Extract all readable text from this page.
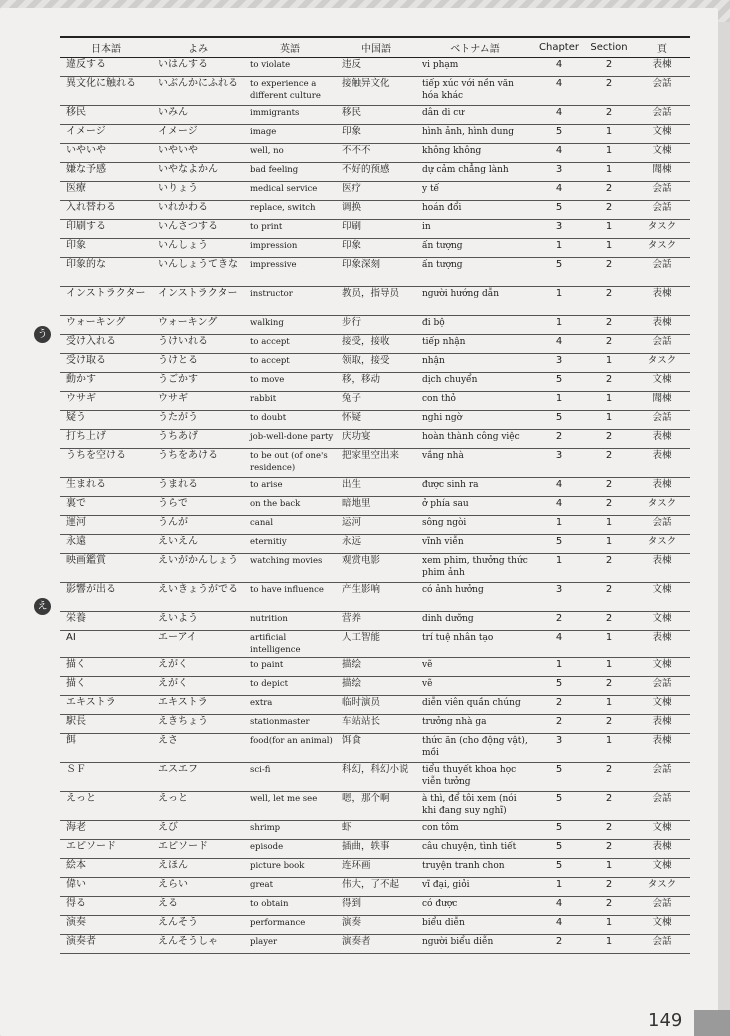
日本語	よみ	英語	中国語	ベトナム語	Chapter	Section	頁
違反する	いはんする	to violate	违反	vi phạm	4	2	表棟
異文化に触れる	いぶんかにふれる	to experience a different culture	接触异文化	tiếp xúc với nền văn hóa khác	4	2	会話
移民	いみん	immigrants	移民	dân di cư	4	2	会話
イメージ	イメージ	image	印象	hình ảnh, hình dung	5	1	文棟
いやいや	いやいや	well, no	不不不	không không	4	1	文棟
嫌な予感	いやなよかん	bad feeling	不好的预感	dự cảm chẳng lành	3	1	聞棟
医療	いりょう	medical service	医疗	y tế	4	2	会話
入れ替わる	いれかわる	replace, switch	调换	hoán đổi	5	2	会話
印刷する	いんさつする	to print	印刷	in	3	1	タスク
印象	いんしょう	impression	印象	ấn tượng	1	1	タスク
印象的な	いんしょうてきな	impressive	印象深刻	ấn tượng	5	2	会話
インストラクター	インストラクター	instructor	教员，指导员	người hướng dẫn	1	2	表棟
ウォーキング	ウォーキング	walking	步行	đi bộ	1	2	表棟
受け入れる	うけいれる	to accept	接受，接收	tiếp nhận	4	2	会話
受け取る	うけとる	to accept	领取，接受	nhận	3	1	タスク
動かす	うごかす	to move	移，移动	dịch chuyển	5	2	文棟
ウサギ	ウサギ	rabbit	兔子	con thỏ	1	1	聞棟
疑う	うたがう	to doubt	怀疑	nghi ngờ	5	1	会話
打ち上げ	うちあげ	job-well-done party	庆功宴	hoàn thành công việc	2	2	表棟
うちを空ける	うちをあける	to be out (of one's residence)	把家里空出来	vắng nhà	3	2	表棟
生まれる	うまれる	to arise	出生	được sinh ra	4	2	表棟
裏で	うらで	on the back	暗地里	ở phía sau	4	2	タスク
運河	うんが	canal	运河	sông ngòi	1	1	会話
永遠	えいえん	eternitiy	永远	vĩnh viễn	5	1	タスク
映画鑑賞	えいがかんしょう	watching movies	观赏电影	xem phim, thưởng thức phim ảnh	1	2	表棟
影響が出る	えいきょうがでる	to have influence	产生影响	có ảnh hưởng	3	2	文棟
栄養	えいよう	nutrition	营养	dinh dưỡng	2	2	文棟
AI	エーアイ	artificial intelligence	人工智能	trí tuệ nhân tạo	4	1	表棟
描く	えがく	to paint	描绘	vẽ	1	1	文棟
描く	えがく	to depict	描绘	vẽ	5	2	会話
エキストラ	エキストラ	extra	临时演员	diễn viên quần chúng	2	1	文棟
駅長	えきちょう	stationmaster	车站站长	trưởng nhà ga	2	2	表棟
餌	えさ	food(for an animal)	饵食	thức ăn (cho động vật), mồi	3	1	表棟
ＳＦ	エスエフ	sci-fi	科幻，科幻小说	tiểu thuyết khoa học viễn tưởng	5	2	会話
えっと	えっと	well, let me see	嗯，那个啊	à thì, để tôi xem (nói khi đang suy nghĩ)	5	2	会話
海老	えび	shrimp	虾	con tôm	5	2	文棟
エピソード	エピソード	episode	插曲，轶事	câu chuyện, tình tiết	5	2	表棟
絵本	えほん	picture book	连环画	truyện tranh chon	5	1	文棟
偉い	えらい	great	伟大，了不起	vĩ đại, giỏi	1	2	タスク
得る	える	to obtain	得到	có được	4	2	会話
演奏	えんそう	performance	演奏	biểu diễn	4	1	文棟
演奏者	えんそうしゃ	player	演奏者	người biểu diễn	2	1	会話
う
え
149
